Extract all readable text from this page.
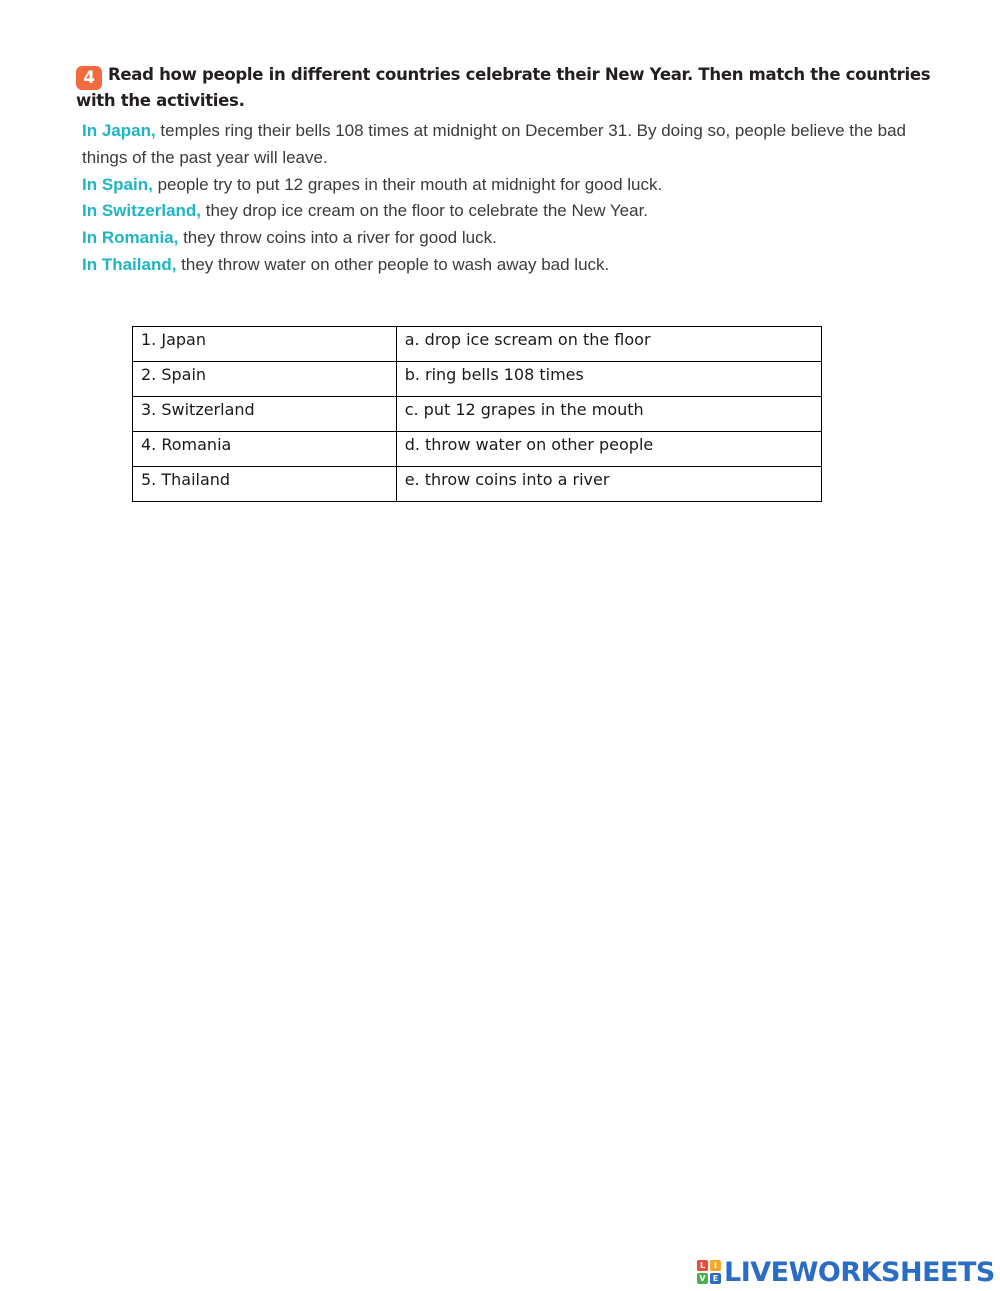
4 Read how people in different countries celebrate their New Year. Then match the countries with the activities.

In Japan, temples ring their bells 108 times at midnight on December 31. By doing so, people believe the bad things of the past year will leave.

In Spain, people try to put 12 grapes in their mouth at midnight for good luck.

In Switzerland, they drop ice cream on the floor to celebrate the New Year.

In Romania, they throw coins into a river for good luck.

In Thailand, they throw water on other people to wash away bad luck.

1. Japan	a. drop ice scream on the floor
2. Spain	b. ring bells 108 times
3. Switzerland	c. put 12 grapes in the mouth
4. Romania	d. throw water on other people
5. Thailand	e. throw coins into a river
L	I
V E LIVEWORKSHEETS
